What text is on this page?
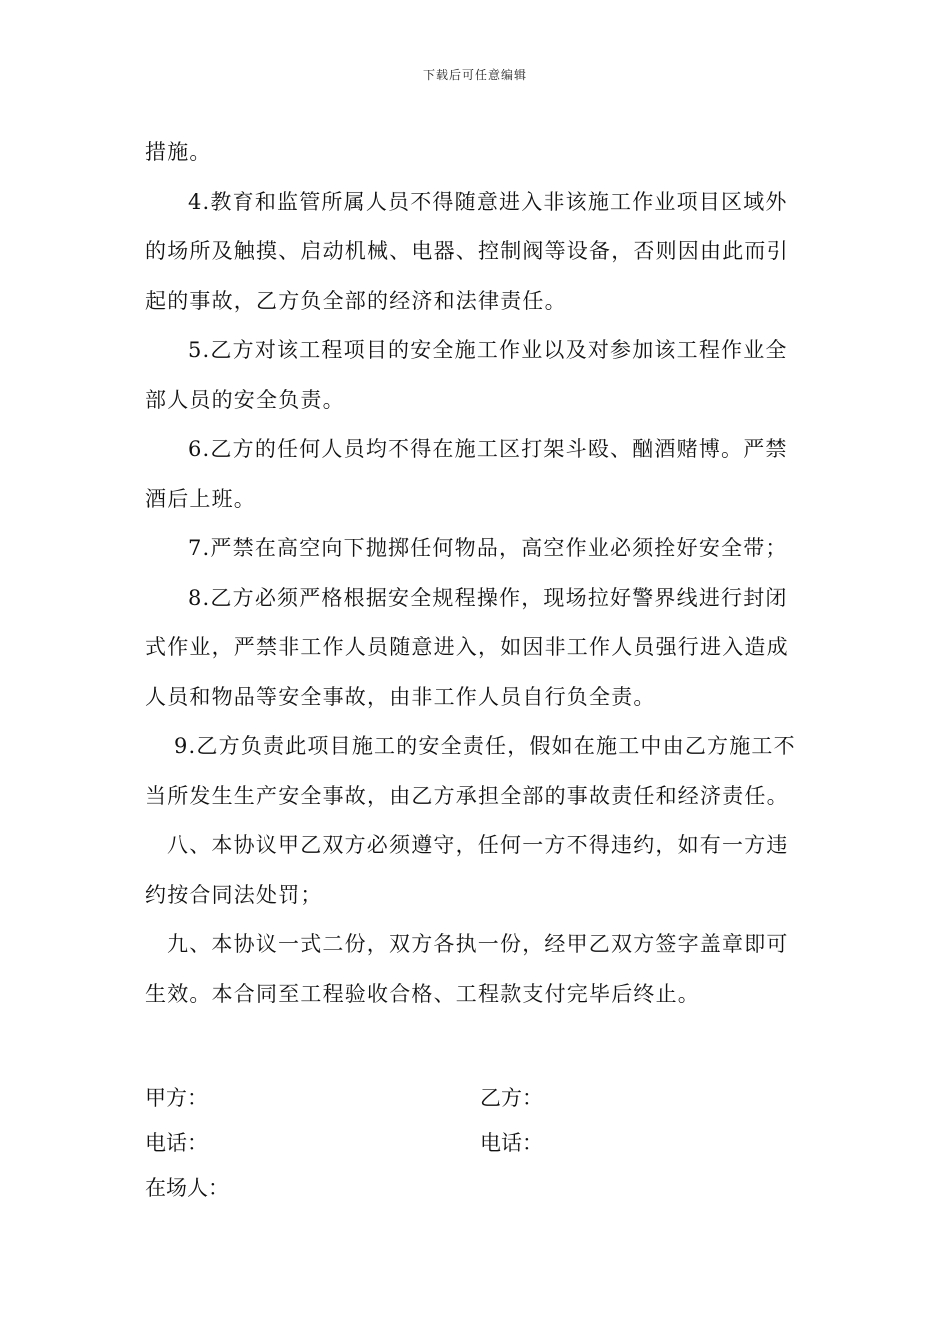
下载后可任意编辑
措施。
4.教育和监管所属人员不得随意进入非该施工作业项目区域外
的场所及触摸、启动机械、电器、控制阀等设备，否则因由此而引
起的事故，乙方负全部的经济和法律责任。
5.乙方对该工程项目的安全施工作业以及对参加该工程作业全
部人员的安全负责。
6.乙方的任何人员均不得在施工区打架斗殴、酗酒赌博。严禁
酒后上班。
7.严禁在高空向下抛掷任何物品，高空作业必须拴好安全带；
8.乙方必须严格根据安全规程操作，现场拉好警界线进行封闭
式作业，严禁非工作人员随意进入，如因非工作人员强行进入造成
人员和物品等安全事故，由非工作人员自行负全责。
9.乙方负责此项目施工的安全责任，假如在施工中由乙方施工不
当所发生生产安全事故，由乙方承担全部的事故责任和经济责任。
八、本协议甲乙双方必须遵守，任何一方不得违约，如有一方违
约按合同法处罚；
九、本协议一式二份，双方各执一份，经甲乙双方签字盖章即可
生效。本合同至工程验收合格、工程款支付完毕后终止。
甲方：	乙方：
电话：	电话：
在场人：
